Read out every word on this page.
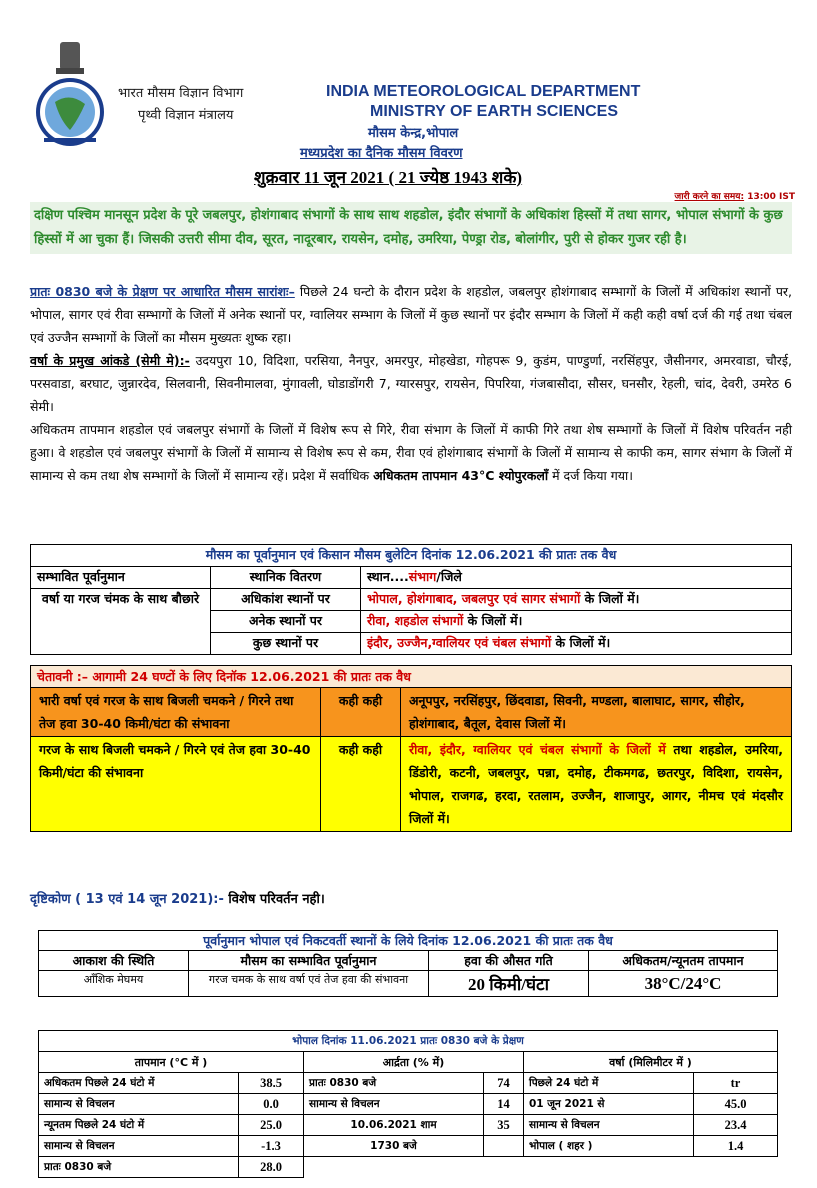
भारत मौसम विज्ञान विभाग
पृथ्वी विज्ञान मंत्रालय
INDIA METEOROLOGICAL DEPARTMENT
MINISTRY OF EARTH SCIENCES
मौसम केन्द्र,भोपाल
मध्यप्रदेश का दैनिक मौसम विवरण
शुक्रवार 11 जून 2021 ( 21 ज्येष्ठ 1943 शके)
जारी करने का समय: 13:00 IST
दक्षिण पश्चिम मानसून प्रदेश के पूरे जबलपुर, होशंगाबाद संभागों के साथ साथ शहडोल, इंदौर संभागों के अधिकांश हिस्सों में तथा सागर, भोपाल संभागों के कुछ हिस्सों में आ चुका हैं। जिसकी उत्तरी सीमा दीव, सूरत, नादूरबार, रायसेन, दमोह, उमरिया, पेण्ड्रा रोड, बोलांगीर, पुरी से होकर गुजर रही है।

प्रातः 0830 बजे के प्रेक्षण पर आधारित मौसम सारांशः– पिछले 24 घन्टो के दौरान प्रदेश के शहडोल, जबलपुर होशंगाबाद सम्भागों के जिलों में अधिकांश स्थानों पर, भोपाल, सागर एवं रीवा सम्भागों के जिलों में अनेक स्थानों पर, ग्वालियर सम्भाग के जिलों में कुछ स्थानों पर इंदौर सम्भाग के जिलों में कही कही वर्षा दर्ज की गई तथा चंबल एवं उज्जैन सम्भागों के जिलों का मौसम मुख्यतः शुष्क रहा।

वर्षा के प्रमुख आंकडे (सेमी मे):- उदयपुरा 10, विदिशा, परसिया, नैनपुर, अमरपुर, मोहखेडा, गोहपरू 9, कुडंम, पाण्डुर्णा, नरसिंहपुर, जैसीनगर, अमरवाडा, चौरई, परसवाडा, बरघाट, जुन्नारदेव, सिलवानी, सिवनीमालवा, मुंगावली, घोडाडोंगरी 7, ग्यारसपुर, रायसेन, पिपरिया, गंजबासौदा, सौसर, घनसौर, रेहली, चांद, देवरी, उमरेठ 6 सेमी।

अधिकतम तापमान शहडोल एवं जबलपुर संभागों के जिलों में विशेष रूप से गिरे, रीवा संभाग के जिलों में काफी गिरे तथा शेष सम्भागों के जिलों में विशेष परिवर्तन नही हुआ। वे शहडोल एवं जबलपुर संभागों के जिलों में सामान्य से विशेष रूप से कम, रीवा एवं होशंगाबाद संभागों के जिलों में सामान्य से काफी कम, सागर संभाग के जिलों में सामान्य से कम तथा शेष सम्भागों के जिलों में सामान्य रहें। प्रदेश में सर्वाधिक अधिकतम तापमान 43°C श्योपुरकलॉं में दर्ज किया गया।

मौसम का पूर्वानुमान एवं किसान मौसम बुलेटिन दिनांक 12.06.2021 की प्रातः तक वैध		
सम्भावित पूर्वानुमान	स्थानिक वितरण	स्थान....संभाग/जिले
वर्षा या गरज चंमक के साथ बौछारे	अधिकांश स्थानों पर	भोपाल, होशंगाबाद, जबलपुर एवं सागर संभागों के जिलों में।
	अनेक स्थानों पर	रीवा, शहडोल संभागों के जिलों में।
	कुछ स्थानों पर	इंदौर, उज्जैन,ग्वालियर एवं चंबल संभागों के जिलों में।
चेतावनी :– आगामी 24 घण्टों के लिए दिनॉक 12.06.2021 की प्रातः तक वैध
भारी वर्षा एवं गरज के साथ बिजली चमकने / गिरने तथा तेज हवा 30-40 किमी/घंटा की संभावना	कही कही	अनूपपुर, नरसिंहपुर, छिंदवाडा, सिवनी, मण्डला, बालाघाट, सागर, सीहोर, होशंगाबाद, बैतूल, देवास जिलों में।
गरज के साथ बिजली चमकने / गिरने एवं तेज हवा 30-40 किमी/घंटा की संभावना	कही कही	रीवा, इंदौर, ग्वालियर एवं चंबल संभागों के जिलों में तथा शहडोल, उमरिया, डिंडोरी, कटनी, जबलपुर, पन्ना, दमोह, टीकमगढ, छतरपुर, विदिशा, रायसेन, भोपाल, राजगढ, हरदा, रतलाम, उज्जैन, शाजापुर, आगर, नीमच एवं मंदसौर जिलों में।
दृष्टिकोण ( 13 एवं 14 जून 2021):- विशेष परिवर्तन नही।
पूर्वानुमान भोपाल एवं निकटवर्ती स्थानों के लिये दिनांक 12.06.2021 की प्रातः तक वैध			
आकाश की स्थिति	मौसम का सम्भावित पूर्वानुमान	हवा की औसत गति	अधिकतम/न्यूनतम तापमान
आँशिक मेघमय	गरज चमक के साथ वर्षा एवं तेज हवा की संभावना	20 किमी/घंटा	38°C/24°C
भोपाल दिनांक 11.06.2021 प्रातः 0830 बजे के प्रेक्षण					
तापमान (°C में )		आर्द्रता (% में)		वर्षा (मिलिमीटर में )	
अधिकतम पिछले 24 घंटो में	38.5	प्रातः 0830 बजे	74	पिछले 24 घंटो में	tr
सामान्य से विचलन	0.0	सामान्य से विचलन	14	01 जून 2021 से	45.0
न्यूनतम पिछले 24 घंटो में	25.0	10.06.2021 शाम	35	सामान्य से विचलन	23.4
सामान्य से विचलन	-1.3	1730 बजे		भोपाल ( शहर )	1.4
प्रातः 0830 बजे	28.0				
